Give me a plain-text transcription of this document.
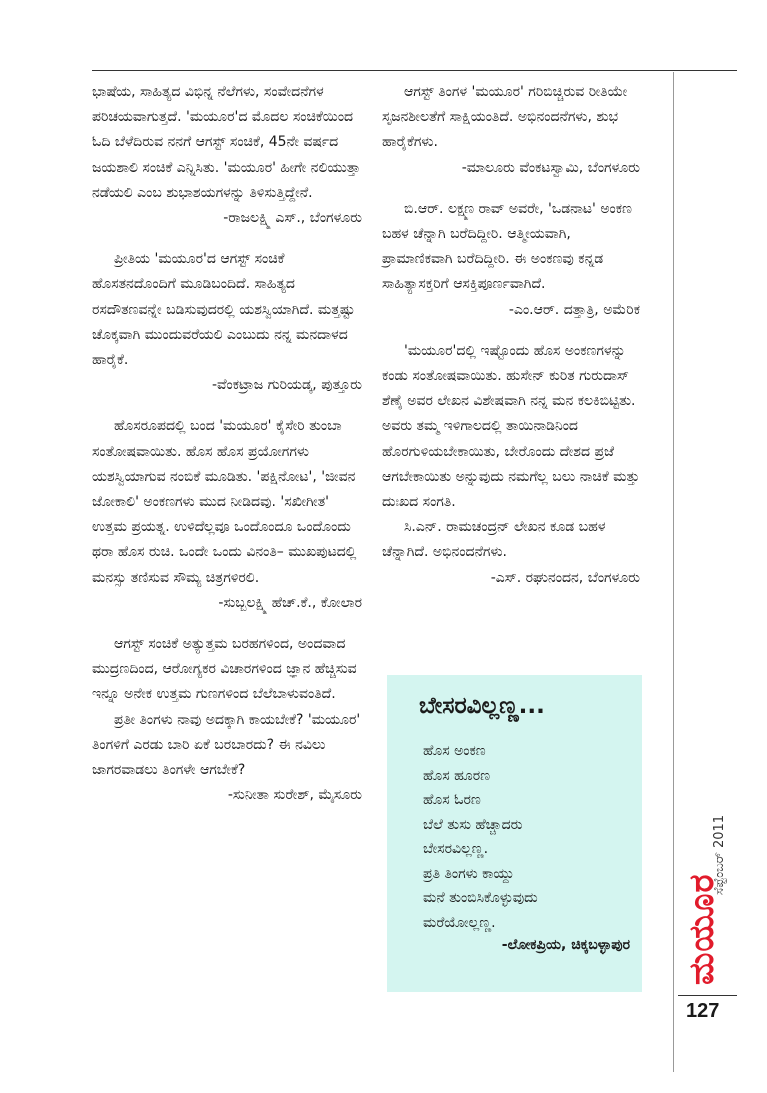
ಭಾಷೆಯ, ಸಾಹಿತ್ಯದ ವಿಭಿನ್ನ ನೆಲೆಗಳು, ಸಂವೇದನೆಗಳ ಪರಿಚಯವಾಗುತ್ತದೆ. 'ಮಯೂರ'ದ ಮೊದಲ ಸಂಚಿಕೆಯಿಂದ ಓದಿ ಬೆಳೆದಿರುವ ನನಗೆ ಆಗಸ್ಟ್ ಸಂಚಿಕೆ, 45ನೇ ವರ್ಷದ ಜಯಶಾಲಿ ಸಂಚಿಕೆ ಎನ್ನಿಸಿತು. 'ಮಯೂರ' ಹೀಗೇ ನಲಿಯುತ್ತಾ ನಡೆಯಲಿ ಎಂಬ ಶುಭಾಶಯಗಳನ್ನು ತಿಳಿಸುತ್ತಿದ್ದೇನೆ.

-ರಾಜಲಕ್ಷ್ಮಿ ಎಸ್., ಬೆಂಗಳೂರು

ಪ್ರೀತಿಯ 'ಮಯೂರ'ದ ಆಗಸ್ಟ್ ಸಂಚಿಕೆ ಹೊಸತನದೊಂದಿಗೆ ಮೂಡಿಬಂದಿದೆ. ಸಾಹಿತ್ಯದ ರಸದೌತಣವನ್ನೇ ಬಡಿಸುವುದರಲ್ಲಿ ಯಶಸ್ವಿಯಾಗಿದೆ. ಮತ್ತಷ್ಟು ಚೊಕ್ಕವಾಗಿ ಮುಂದುವರೆಯಲಿ ಎಂಬುದು ನನ್ನ ಮನದಾಳದ ಹಾರೈಕೆ.

-ವೆಂಕಟ್ರಾಜ ಗುರಿಯಡ್ಕ, ಪುತ್ತೂರು

ಹೊಸರೂಪದಲ್ಲಿ ಬಂದ 'ಮಯೂರ' ಕೈಸೇರಿ ತುಂಬಾ ಸಂತೋಷವಾಯಿತು. ಹೊಸ ಹೊಸ ಪ್ರಯೋಗಗಳು ಯಶಸ್ವಿಯಾಗುವ ನಂಬಿಕೆ ಮೂಡಿತು. 'ಪಕ್ಷಿನೋಟ', 'ಜೀವನ ಜೋಕಾಲಿ' ಅಂಕಣಗಳು ಮುದ ನೀಡಿದವು. 'ಸಖೀಗೀತ' ಉತ್ತಮ ಪ್ರಯತ್ನ. ಉಳಿದೆಲ್ಲವೂ ಒಂದೊಂದೂ ಒಂದೊಂದು ಥರಾ ಹೊಸ ರುಚಿ. ಒಂದೇ ಒಂದು ವಿನಂತಿ– ಮುಖಪುಟದಲ್ಲಿ ಮನಸ್ಸು ತಣಿಸುವ ಸೌಮ್ಯ ಚಿತ್ರಗಳಿರಲಿ.

-ಸುಬ್ಬಲಕ್ಷ್ಮಿ ಹೆಚ್.ಕೆ., ಕೋಲಾರ

ಆಗಸ್ಟ್ ಸಂಚಿಕೆ ಅತ್ಯುತ್ತಮ ಬರಹಗಳಿಂದ, ಅಂದವಾದ ಮುದ್ರಣದಿಂದ, ಆರೋಗ್ಯಕರ ವಿಚಾರಗಳಿಂದ ಜ್ಞಾನ ಹೆಚ್ಚಿಸುವ ಇನ್ನೂ ಅನೇಕ ಉತ್ತಮ ಗುಣಗಳಿಂದ ಬೆಲೆಬಾಳುವಂತಿದೆ.

ಪ್ರತೀ ತಿಂಗಳು ನಾವು ಅದಕ್ಕಾಗಿ ಕಾಯಬೇಕೆ? 'ಮಯೂರ' ತಿಂಗಳಿಗೆ ಎರಡು ಬಾರಿ ಏಕೆ ಬರಬಾರದು? ಈ ನವಿಲು ಜಾಗರವಾಡಲು ತಿಂಗಳೇ ಆಗಬೇಕೆ?

-ಸುನೀತಾ ಸುರೇಶ್, ಮೈಸೂರು

ಆಗಸ್ಟ್ ತಿಂಗಳ 'ಮಯೂರ' ಗರಿಬಿಚ್ಚಿರುವ ರೀತಿಯೇ ಸೃಜನಶೀಲತೆಗೆ ಸಾಕ್ಷಿಯಂತಿದೆ. ಅಭಿನಂದನೆಗಳು, ಶುಭ ಹಾರೈಕೆಗಳು.

-ಮಾಲೂರು ವೆಂಕಟಸ್ವಾಮಿ, ಬೆಂಗಳೂರು

ಬಿ.ಆರ್. ಲಕ್ಷ್ಮಣ ರಾವ್ ಅವರೇ, 'ಒಡನಾಟ' ಅಂಕಣ ಬಹಳ ಚೆನ್ನಾಗಿ ಬರೆದಿದ್ದೀರಿ. ಆತ್ಮೀಯವಾಗಿ, ಪ್ರಾಮಾಣಿಕವಾಗಿ ಬರೆದಿದ್ದೀರಿ. ಈ ಅಂಕಣವು ಕನ್ನಡ ಸಾಹಿತ್ಯಾಸಕ್ತರಿಗೆ ಆಸಕ್ತಿಪೂರ್ಣವಾಗಿದೆ.

-ಎಂ.ಆರ್. ದತ್ತಾತ್ರಿ, ಅಮೆರಿಕ

'ಮಯೂರ'ದಲ್ಲಿ ಇಷ್ಟೊಂದು ಹೊಸ ಅಂಕಣಗಳನ್ನು ಕಂಡು ಸಂತೋಷವಾಯಿತು. ಹುಸೇನ್ ಕುರಿತ ಗುರುದಾಸ್ ಶೆಣೈ ಅವರ ಲೇಖನ ವಿಶೇಷವಾಗಿ ನನ್ನ ಮನ ಕಲಕಿಬಿಟ್ಟಿತು. ಅವರು ತಮ್ಮ ಇಳಿಗಾಲದಲ್ಲಿ ತಾಯಿನಾಡಿನಿಂದ ಹೊರಗುಳಿಯಬೇಕಾಯಿತು, ಬೇರೊಂದು ದೇಶದ ಪ್ರಜೆ ಆಗಬೇಕಾಯಿತು ಅನ್ನುವುದು ನಮಗೆಲ್ಲ ಬಲು ನಾಚಿಕೆ ಮತ್ತು ದುಃಖದ ಸಂಗತಿ.

ಸಿ.ಎನ್. ರಾಮಚಂದ್ರನ್ ಲೇಖನ ಕೂಡ ಬಹಳ ಚೆನ್ನಾಗಿದೆ. ಅಭಿನಂದನೆಗಳು.

-ಎಸ್. ರಘುನಂದನ, ಬೆಂಗಳೂರು
ಬೇಸರವಿಲ್ಲಣ್ಣ...
ಹೊಸ ಅಂಕಣ
ಹೊಸ ಹೂರಣ
ಹೊಸ ಓರಣ
ಬೆಲೆ ತುಸು ಹೆಚ್ಚಾದರು
ಬೇಸರವಿಲ್ಲಣ್ಣ.
ಪ್ರತಿ ತಿಂಗಳು ಕಾಯ್ದು
ಮನೆ ತುಂಬಿಸಿಕೊಳ್ಳುವುದು
ಮರೆಯೋಲ್ಲಣ್ಣ.
-ಲೋಕಪ್ರಿಯ, ಚಿಕ್ಕಬಳ್ಳಾಪುರ ಮಯೂರ
ಸೆಪ್ಟೆಂಬರ್ 2011
127
